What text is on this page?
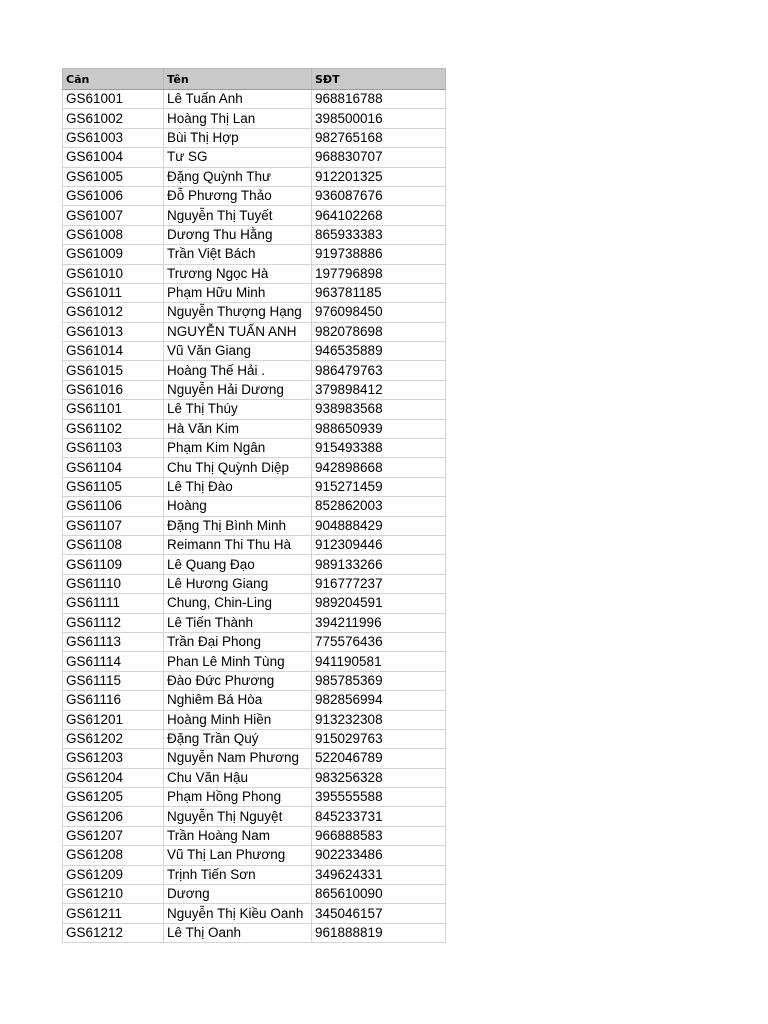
Căn	Tên	SĐT
GS61001	Lê Tuấn Anh	968816788
GS61002	Hoàng Thị Lan	398500016
GS61003	Bùi Thị Hợp	982765168
GS61004	Tư SG	968830707
GS61005	Đặng Quỳnh Thư	912201325
GS61006	Đỗ Phương Thảo	936087676
GS61007	Nguyễn Thị Tuyết	964102268
GS61008	Dương Thu Hằng	865933383
GS61009	Trần Việt Bách	919738886
GS61010	Trương Ngọc Hà	197796898
GS61011	Phạm Hữu Minh	963781185
GS61012	Nguyễn Thượng Hạng	976098450
GS61013	NGUYỄN TUẤN ANH	982078698
GS61014	Vũ Văn Giang	946535889
GS61015	Hoàng Thế Hải .	986479763
GS61016	Nguyễn Hải Dương	379898412
GS61101	Lê Thị Thúy	938983568
GS61102	Hà Văn Kim	988650939
GS61103	Phạm Kim Ngân	915493388
GS61104	Chu Thị Quỳnh Diệp	942898668
GS61105	Lê Thị Đào	915271459
GS61106	Hoàng	852862003
GS61107	Đặng Thị Bình Minh	904888429
GS61108	Reimann Thi Thu Hà	912309446
GS61109	Lê Quang Đạo	989133266
GS61110	Lê Hương Giang	916777237
GS61111	Chung, Chin-Ling	989204591
GS61112	Lê Tiến Thành	394211996
GS61113	Trần Đại Phong	775576436
GS61114	Phan Lê Minh Tùng	941190581
GS61115	Đào Đức Phương	985785369
GS61116	Nghiêm Bá Hòa	982856994
GS61201	Hoàng Minh Hiền	913232308
GS61202	Đặng Trần Quý	915029763
GS61203	Nguyễn Nam Phương	522046789
GS61204	Chu Văn Hậu	983256328
GS61205	Phạm Hồng Phong	395555588
GS61206	Nguyễn Thị Nguyệt	845233731
GS61207	Trần Hoàng Nam	966888583
GS61208	Vũ Thị Lan Phương	902233486
GS61209	Trịnh Tiến Sơn	349624331
GS61210	Dương	865610090
GS61211	Nguyễn Thị Kiều Oanh	345046157
GS61212	Lê Thị Oanh	961888819
